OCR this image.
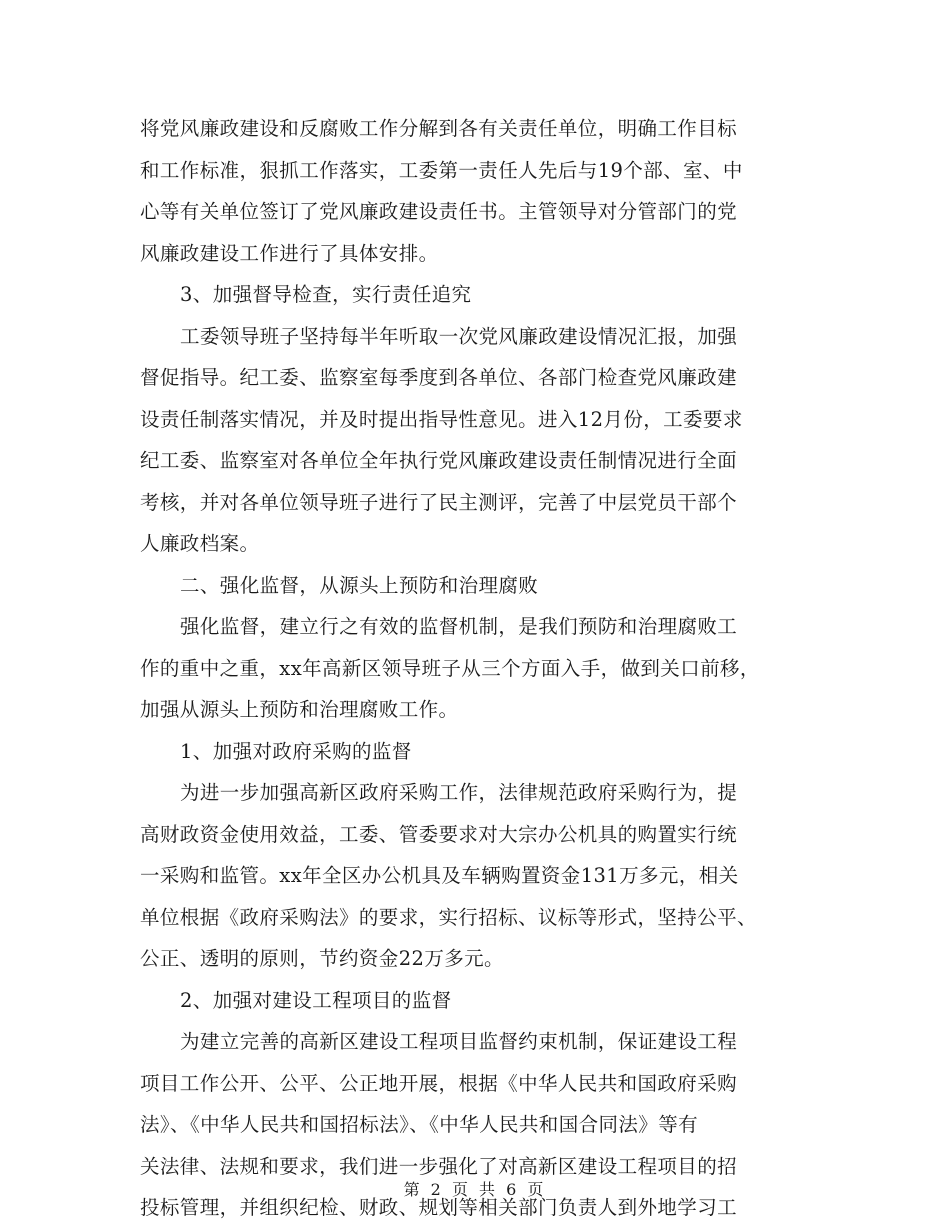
将党风廉政建设和反腐败工作分解到各有关责任单位，明确工作目标
和工作标准，狠抓工作落实，工委第一责任人先后与19个部、室、中
心等有关单位签订了党风廉政建设责任书。主管领导对分管部门的党
风廉政建设工作进行了具体安排。
3、加强督导检查，实行责任追究
工委领导班子坚持每半年听取一次党风廉政建设情况汇报，加强
督促指导。纪工委、监察室每季度到各单位、各部门检查党风廉政建
设责任制落实情况，并及时提出指导性意见。进入12月份，工委要求
纪工委、监察室对各单位全年执行党风廉政建设责任制情况进行全面
考核，并对各单位领导班子进行了民主测评，完善了中层党员干部个
人廉政档案。
二、强化监督，从源头上预防和治理腐败
强化监督，建立行之有效的监督机制，是我们预防和治理腐败工
作的重中之重，xx年高新区领导班子从三个方面入手，做到关口前移，
加强从源头上预防和治理腐败工作。
1、加强对政府采购的监督
为进一步加强高新区政府采购工作，法律规范政府采购行为，提
高财政资金使用效益，工委、管委要求对大宗办公机具的购置实行统
一采购和监管。xx年全区办公机具及车辆购置资金131万多元，相关
单位根据《政府采购法》的要求，实行招标、议标等形式，坚持公平、
公正、透明的原则，节约资金22万多元。
2、加强对建设工程项目的监督
为建立完善的高新区建设工程项目监督约束机制，保证建设工程
项目工作公开、公平、公正地开展，根据《中华人民共和国政府采购
法》、《中华人民共和国招标法》、《中华人民共和国合同法》等有
关法律、法规和要求，我们进一步强化了对高新区建设工程项目的招
投标管理，并组织纪检、财政、规划等相关部门负责人到外地学习工
第 2 页 共 6 页
